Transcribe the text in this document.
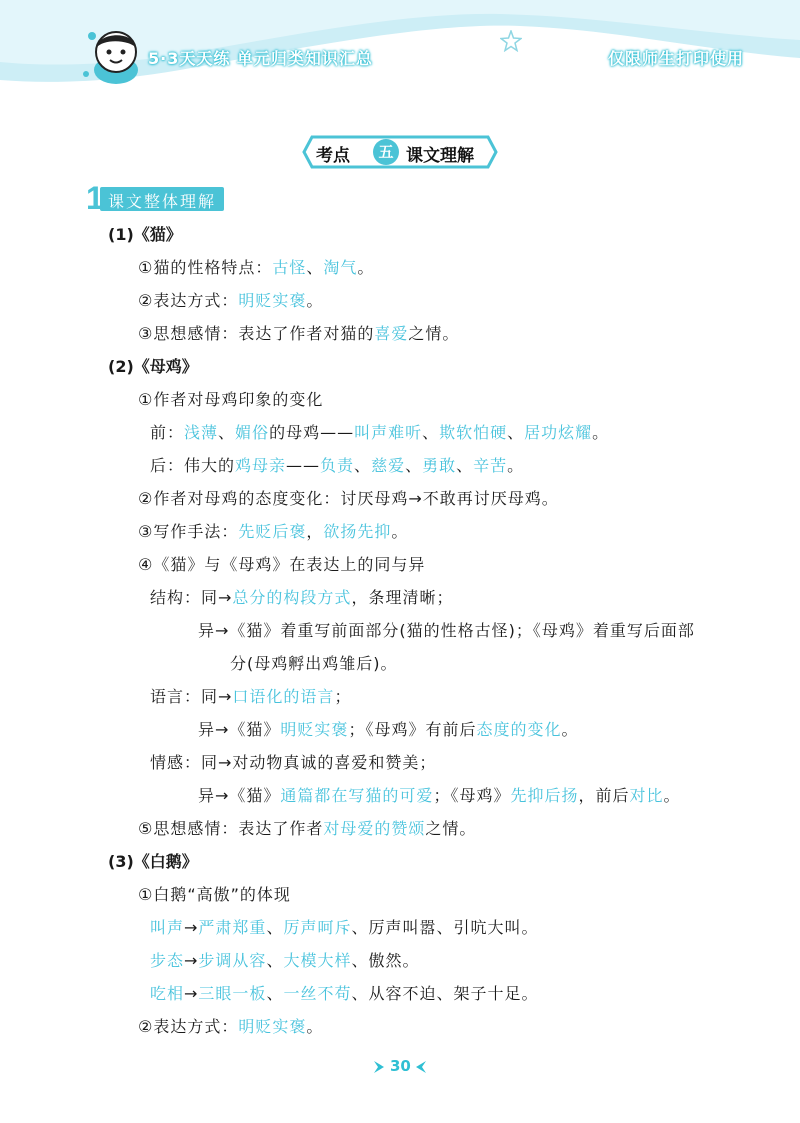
5·3天天练 单元归类知识汇总	仅限师生打印使用
考点 五 课文理解
1 课文整体理解
(1)《猫》
①猫的性格特点：古怪、淘气。
②表达方式：明贬实褒。
③思想感情：表达了作者对猫的喜爱之情。
(2)《母鸡》
①作者对母鸡印象的变化
前：浅薄、媚俗的母鸡——叫声难听、欺软怕硬、居功炫耀。
后：伟大的鸡母亲——负责、慈爱、勇敢、辛苦。
②作者对母鸡的态度变化：讨厌母鸡→不敢再讨厌母鸡。
③写作手法：先贬后褒，欲扬先抑。
④《猫》与《母鸡》在表达上的同与异
结构：同→总分的构段方式，条理清晰；
异→《猫》着重写前面部分(猫的性格古怪)；《母鸡》着重写后面部
分(母鸡孵出鸡雏后)。
语言：同→口语化的语言；
异→《猫》明贬实褒；《母鸡》有前后态度的变化。
情感：同→对动物真诚的喜爱和赞美；
异→《猫》通篇都在写猫的可爱；《母鸡》先抑后扬，前后对比。
⑤思想感情：表达了作者对母爱的赞颂之情。
(3)《白鹅》
①白鹅“高傲”的体现
叫声→严肃郑重、厉声呵斥、厉声叫嚣、引吭大叫。
步态→步调从容、大模大样、傲然。
吃相→三眼一板、一丝不苟、从容不迫、架子十足。
②表达方式：明贬实褒。
30
